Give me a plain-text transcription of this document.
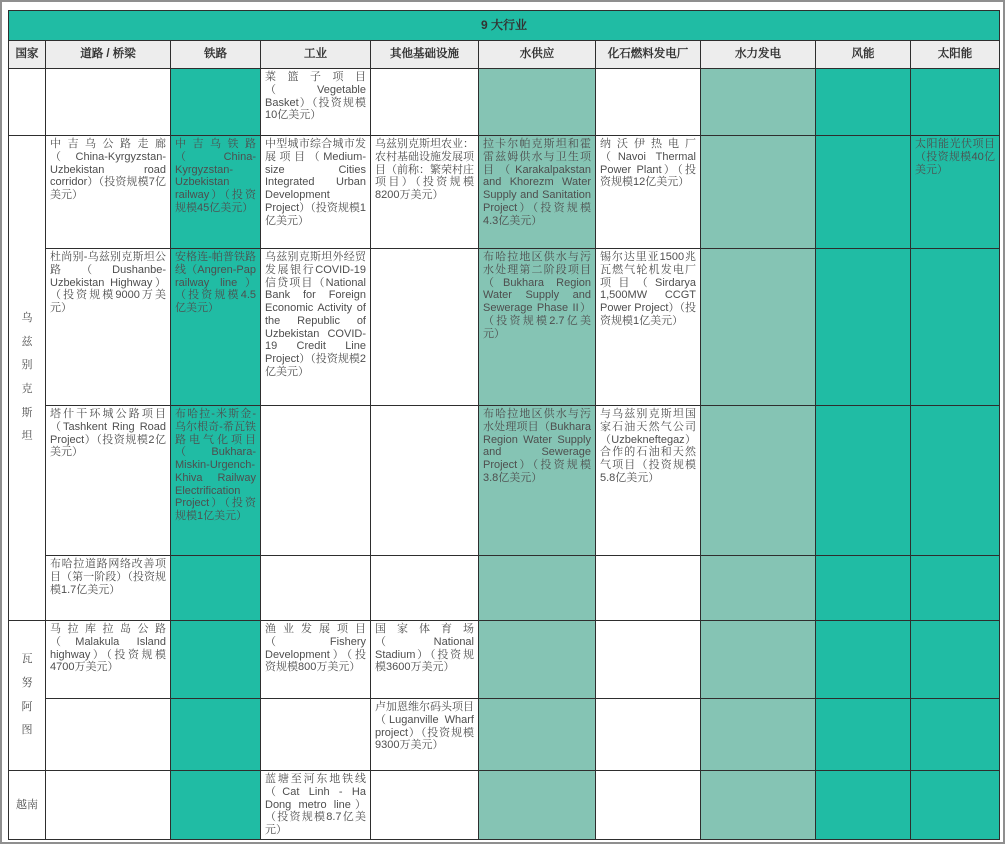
9 大行业									
国家	道路 / 桥梁	铁路	工业	其他基础设施	水供应	化石燃料发电厂	水力发电	风能	太阳能
			菜篮子项目（Vegetable Basket）（投资规模10亿美元）						

乌兹别克斯坦	中吉乌公路走廊（China-Kyrgyzstan-Uzbekistan road corridor）（投资规模7亿美元）	中吉乌铁路（China-Kyrgyzstan-Uzbekistan railway）（投资规模45亿美元）	中型城市综合城市发展项目（Medium-size Cities Integrated Urban Development Project）（投资规模1亿美元）	乌兹别克斯坦农业：农村基础设施发展项目（前称：繁荣村庄项目）（投资规模8200万美元）	拉卡尔帕克斯坦和霍雷兹姆供水与卫生项目（Karakalpakstan and Khorezm Water Supply and Sanitation Project）（投资规模4.3亿美元）	纳沃伊热电厂（Navoi Thermal Power Plant）（投资规模12亿美元）			太阳能光伏项目（投资规模40亿美元）
	杜尚别-乌兹别克斯坦公路（Dushanbe-Uzbekistan Highway）（投资规模9000万美元）	安格连-帕普铁路线（Angren-Pap railway line）（投资规模4.5亿美元）	乌兹别克斯坦外经贸发展银行COVID-19信贷项目（National Bank for Foreign Economic Activity of the Republic of Uzbekistan COVID-19 Credit Line Project）（投资规模2亿美元）		布哈拉地区供水与污水处理第二阶段项目（Bukhara Region Water Supply and Sewerage Phase II）（投资规模2.7亿美元）	锡尔达里亚1500兆瓦燃气轮机发电厂项目（Sirdarya 1,500MW CCGT Power Project）（投资规模1亿美元）			
	塔什干环城公路项目（Tashkent Ring Road Project）（投资规模2亿美元）	布哈拉-米斯金-乌尔根奇-希瓦铁路电气化项目（Bukhara-Miskin-Urgench-Khiva Railway Electrification Project）（投资规模1亿美元）			布哈拉地区供水与污水处理项目（Bukhara Region Water Supply and Sewerage Project）（投资规模3.8亿美元）	与乌兹别克斯坦国家石油天然气公司（Uzbekneftegaz）合作的石油和天然气项目（投资规模5.8亿美元）			
	布哈拉道路网络改善项目（第一阶段）（投资规模1.7亿美元）								

瓦努阿图	马拉库拉岛公路（Malakula Island highway）（投资规模4700万美元）		渔业发展项目（Fishery Development）（投资规模800万美元）	国家体育场（National Stadium）（投资规模3600万美元）					
				卢加恩维尔码头项目（Luganville Wharf project）（投资规模9300万美元）					

越南			蓝塘至河东地铁线（Cat Linh - Ha Dong metro line）（投资规模8.7亿美元）						
